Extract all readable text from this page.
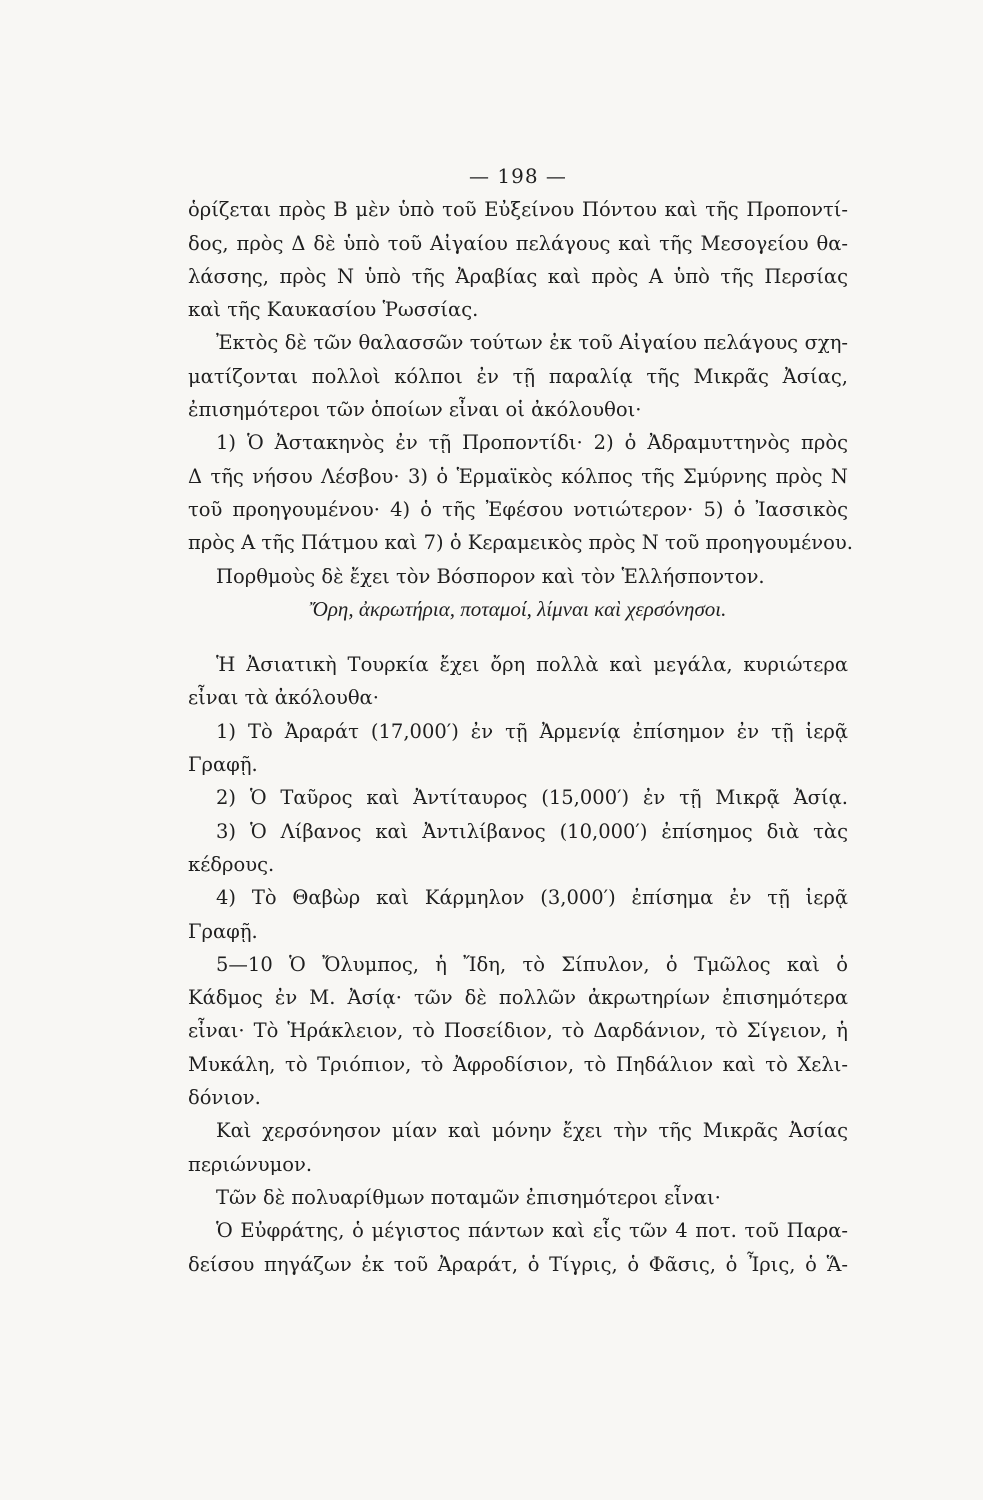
— 198 —
ὁρίζεται πρὸς Β μὲν ὑπὸ τοῦ Εὐξείνου Πόντου καὶ τῆς Προποντί-
δος, πρὸς Δ δὲ ὑπὸ τοῦ Αἰγαίου πελάγους καὶ τῆς Μεσογείου θα-
λάσσης, πρὸς Ν ὑπὸ τῆς Ἀραβίας καὶ πρὸς Α ὑπὸ τῆς Περσίας
καὶ τῆς Καυκασίου Ῥωσσίας.
Ἐκτὸς δὲ τῶν θαλασσῶν τούτων ἐκ τοῦ Αἰγαίου πελάγους σχη-
ματίζονται πολλοὶ κόλποι ἐν τῇ παραλίᾳ τῆς Μικρᾶς Ἀσίας,
ἐπισημότεροι τῶν ὁποίων εἶναι οἱ ἀκόλουθοι·
1) Ὁ Ἀστακηνὸς ἐν τῇ Προποντίδι· 2) ὁ Ἀδραμυττηνὸς πρὸς
Δ τῆς νήσου Λέσβου· 3) ὁ Ἑρμαϊκὸς κόλπος τῆς Σμύρνης πρὸς Ν
τοῦ προηγουμένου· 4) ὁ τῆς Ἐφέσου νοτιώτερον· 5) ὁ Ἰασσικὸς
πρὸς Α τῆς Πάτμου καὶ 7) ὁ Κεραμεικὸς πρὸς Ν τοῦ προηγουμένου.
Πορθμοὺς δὲ ἔχει τὸν Βόσπορον καὶ τὸν Ἑλλήσποντον.
Ὄρη, ἀκρωτήρια, ποταμοί, λίμναι καὶ χερσόνησοι.
Ἡ Ἀσιατικὴ Τουρκία ἔχει ὄρη πολλὰ καὶ μεγάλα, κυριώτερα
εἶναι τὰ ἀκόλουθα·
1) Τὸ Ἀραράτ (17,000′) ἐν τῇ Ἀρμενίᾳ ἐπίσημον ἐν τῇ ἱερᾷ
Γραφῇ.
2) Ὁ Ταῦρος καὶ Ἀντίταυρος (15,000′) ἐν τῇ Μικρᾷ Ἀσίᾳ.
3) Ὁ Λίβανος καὶ Ἀντιλίβανος (10,000′) ἐπίσημος διὰ τὰς
κέδρους.
4) Τὸ Θαβὼρ καὶ Κάρμηλον (3,000′) ἐπίσημα ἐν τῇ ἱερᾷ
Γραφῇ.
5—10 Ὁ Ὄλυμπος, ἡ Ἴδη, τὸ Σίπυλον, ὁ Τμῶλος καὶ ὁ
Κάδμος ἐν Μ. Ἀσίᾳ· τῶν δὲ πολλῶν ἀκρωτηρίων ἐπισημότερα
εἶναι· Τὸ Ἡράκλειον, τὸ Ποσείδιον, τὸ Δαρδάνιον, τὸ Σίγειον, ἡ
Μυκάλη, τὸ Τριόπιον, τὸ Ἀφροδίσιον, τὸ Πηδάλιον καὶ τὸ Χελι-
δόνιον.
Καὶ χερσόνησον μίαν καὶ μόνην ἔχει τὴν τῆς Μικρᾶς Ἀσίας
περιώνυμον.
Τῶν δὲ πολυαρίθμων ποταμῶν ἐπισημότεροι εἶναι·
Ὁ Εὐφράτης, ὁ μέγιστος πάντων καὶ εἷς τῶν 4 ποτ. τοῦ Παρα-
δείσου πηγάζων ἐκ τοῦ Ἀραράτ, ὁ Τίγρις, ὁ Φᾶσις, ὁ Ἶρις, ὁ Ἅ-
